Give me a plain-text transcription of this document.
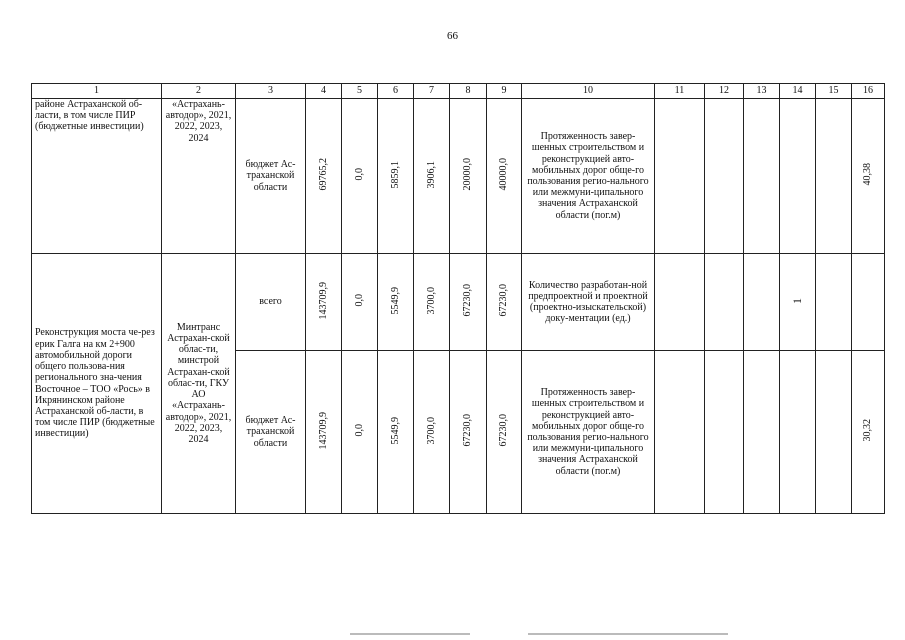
66
1	2	3	4	5	6	7	8	9	10	11	12	13	14	15	16
районе Астраханской об-ласти, в том числе ПИР (бюджетные инвестиции)	«Астрахань-автодор», 2021, 2022, 2023, 2024	бюджет Ас-траханской области	69765,2	0,0	5859,1	3906,1	20000,0	40000,0	Протяженность завер-шенных строительством и реконструкцией авто-мобильных дорог обще-го пользования регио-нального или межмуни-ципального значения Астраханской области (пог.м)						40,38
Реконструкция моста че-рез ерик Галга на км 2+900 автомобильной дороги общего пользова-ния регионального зна-чения Восточное – ТОО «Рось» в Икрянинском районе Астраханской об-ласти, в том числе ПИР (бюджетные инвестиции)	Минтранс Астрахан-ской облас-ти, минстрой Астрахан-ской облас-ти, ГКУ АО «Астрахань-автодор», 2021, 2022, 2023, 2024	всего	143709,9	0,0	5549,9	3700,0	67230,0	67230,0	Количество разработан-ной предпроектной и проектной (проектно-изыскательской) доку-ментации (ед.)				1		
		бюджет Ас-траханской области	143709,9	0,0	5549,9	3700,0	67230,0	67230,0	Протяженность завер-шенных строительством и реконструкцией авто-мобильных дорог обще-го пользования регио-нального или межмуни-ципального значения Астраханской области (пог.м)						30,32
